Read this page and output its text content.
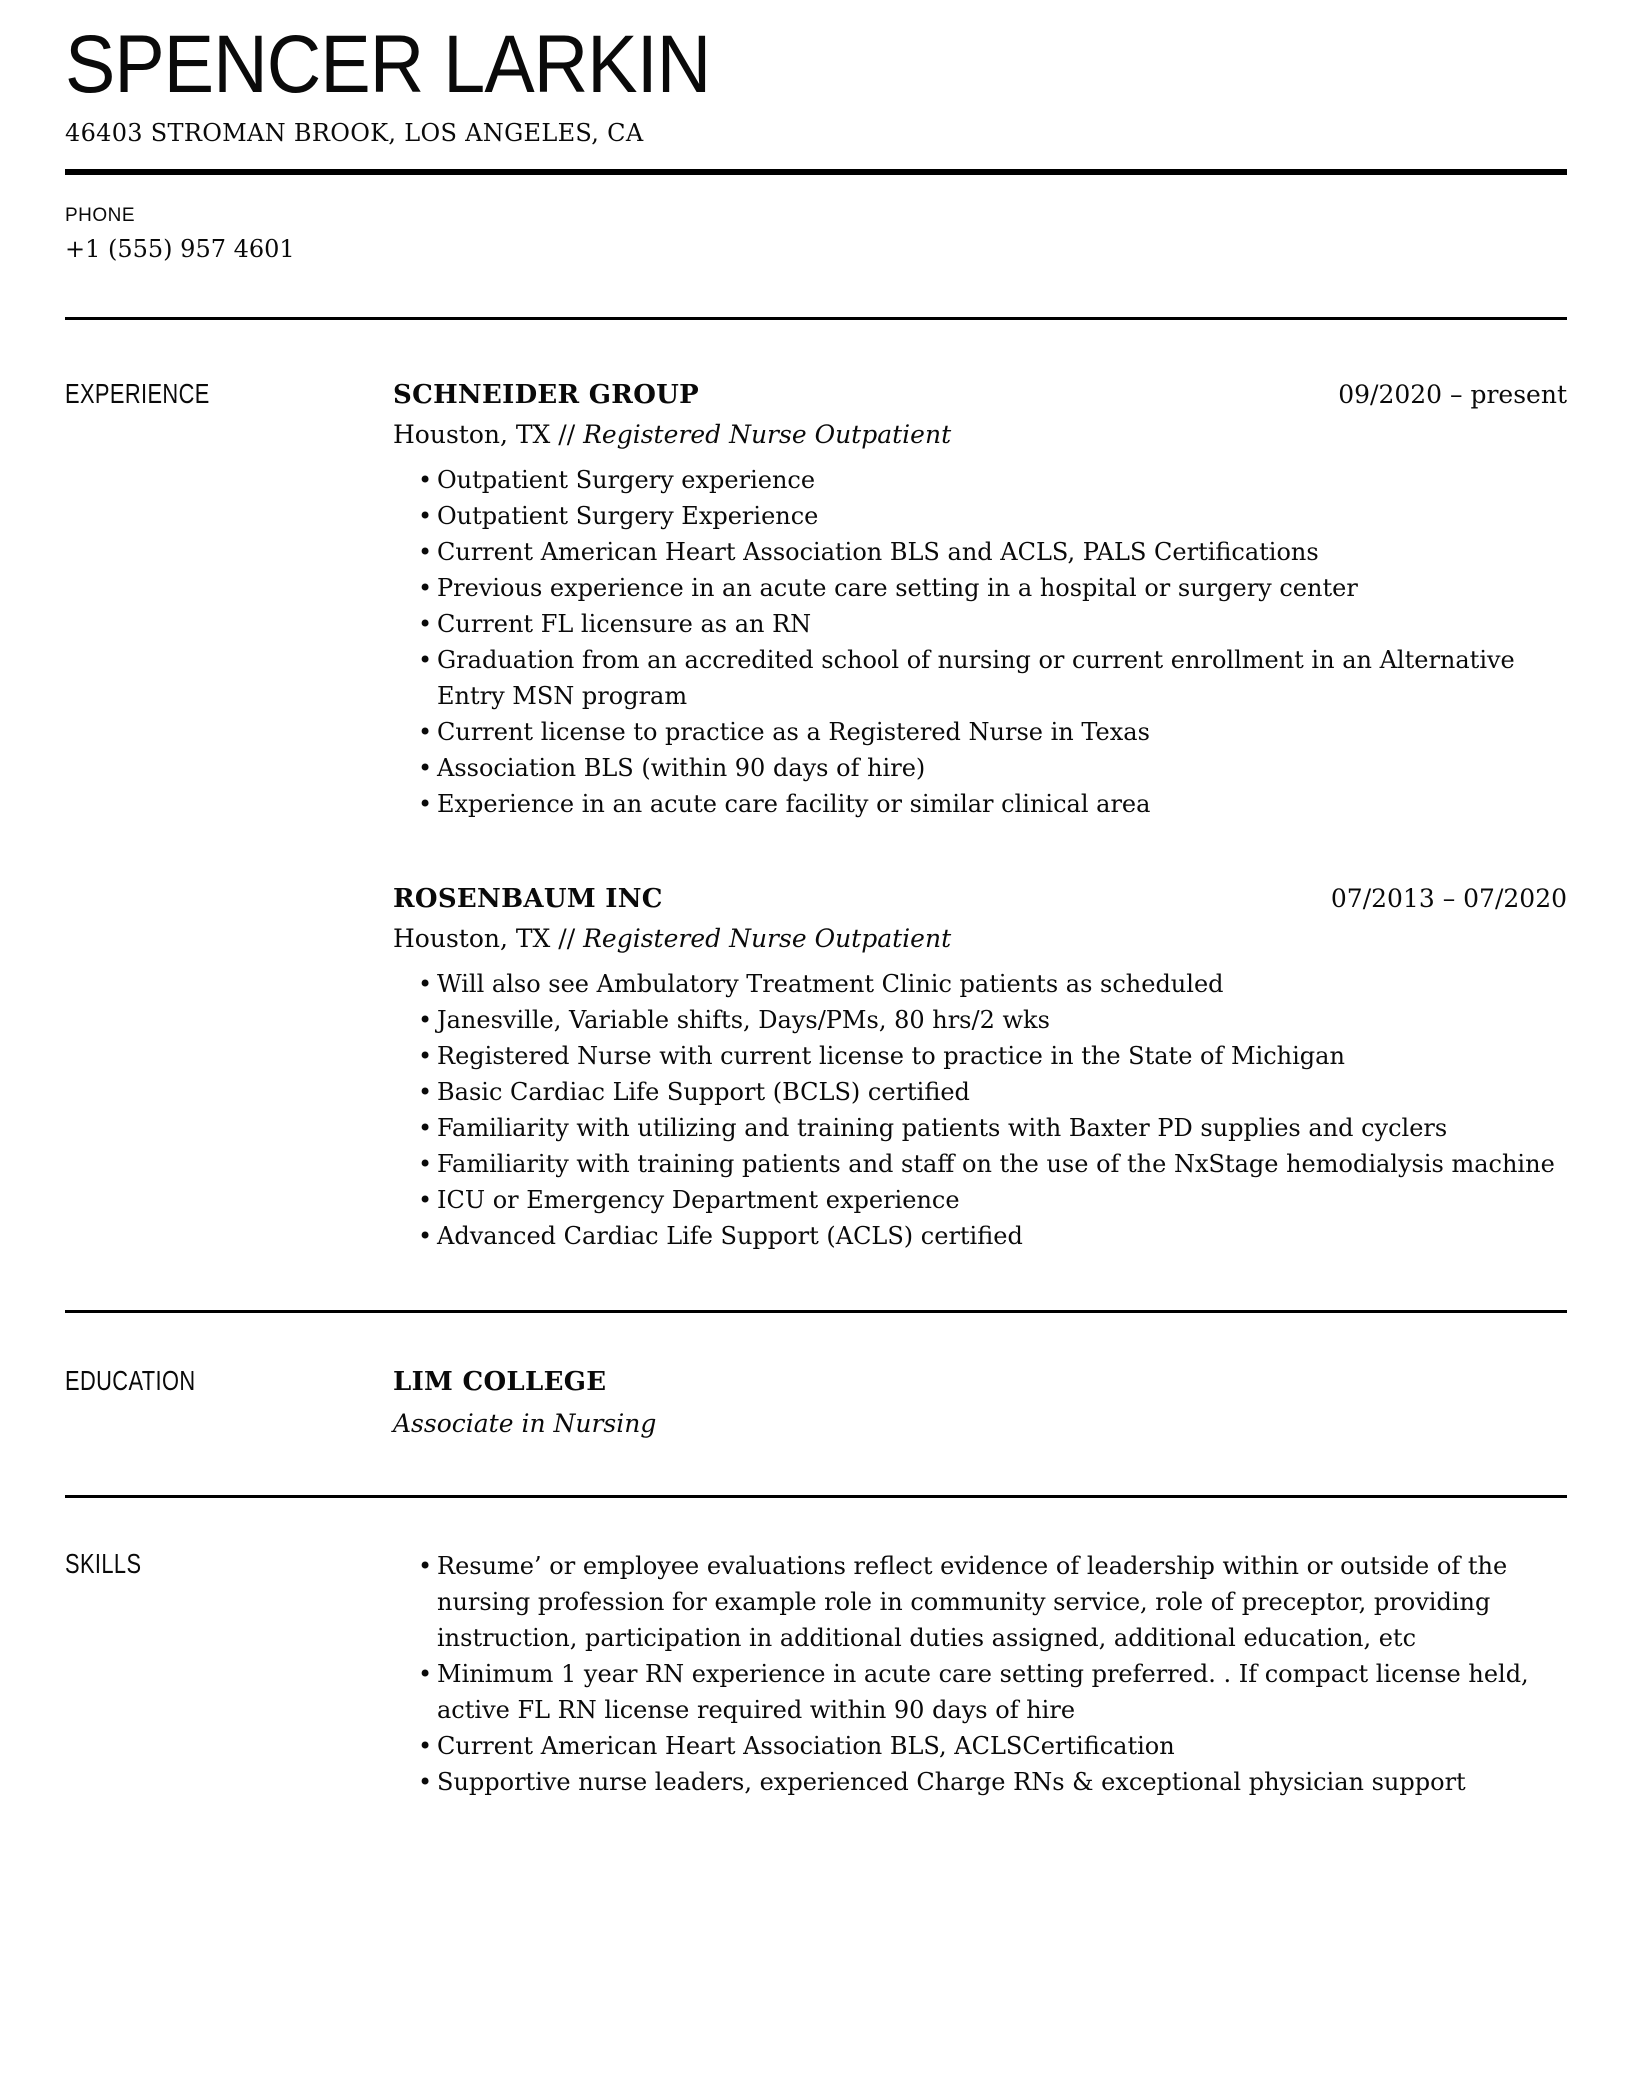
SPENCER LARKIN
46403 STROMAN BROOK, LOS ANGELES, CA
PHONE
+1 (555) 957 4601
EXPERIENCE	SCHNEIDER GROUP	09/2020 – present
Houston, TX // Registered Nurse Outpatient
• Outpatient Surgery experience
• Outpatient Surgery Experience
• Current American Heart Association BLS and ACLS, PALS Certifications
• Previous experience in an acute care setting in a hospital or surgery center
• Current FL licensure as an RN
• Graduation from an accredited school of nursing or current enrollment in an Alternative Entry MSN program
• Current license to practice as a Registered Nurse in Texas
• Association BLS (within 90 days of hire)
• Experience in an acute care facility or similar clinical area
ROSENBAUM INC	07/2013 – 07/2020
Houston, TX // Registered Nurse Outpatient
• Will also see Ambulatory Treatment Clinic patients as scheduled
• Janesville, Variable shifts, Days/PMs, 80 hrs/2 wks
• Registered Nurse with current license to practice in the State of Michigan
• Basic Cardiac Life Support (BCLS) certified
• Familiarity with utilizing and training patients with Baxter PD supplies and cyclers
• Familiarity with training patients and staff on the use of the NxStage hemodialysis machine
• ICU or Emergency Department experience
• Advanced Cardiac Life Support (ACLS) certified
EDUCATION	LIM COLLEGE
Associate in Nursing
SKILLS	• Resume’ or employee evaluations reflect evidence of leadership within or outside of the nursing profession for example role in community service, role of preceptor, providing instruction, participation in additional duties assigned, additional education, etc
• Minimum 1 year RN experience in acute care setting preferred. . If compact license held, active FL RN license required within 90 days of hire
• Current American Heart Association BLS, ACLSCertification
• Supportive nurse leaders, experienced Charge RNs & exceptional physician support
